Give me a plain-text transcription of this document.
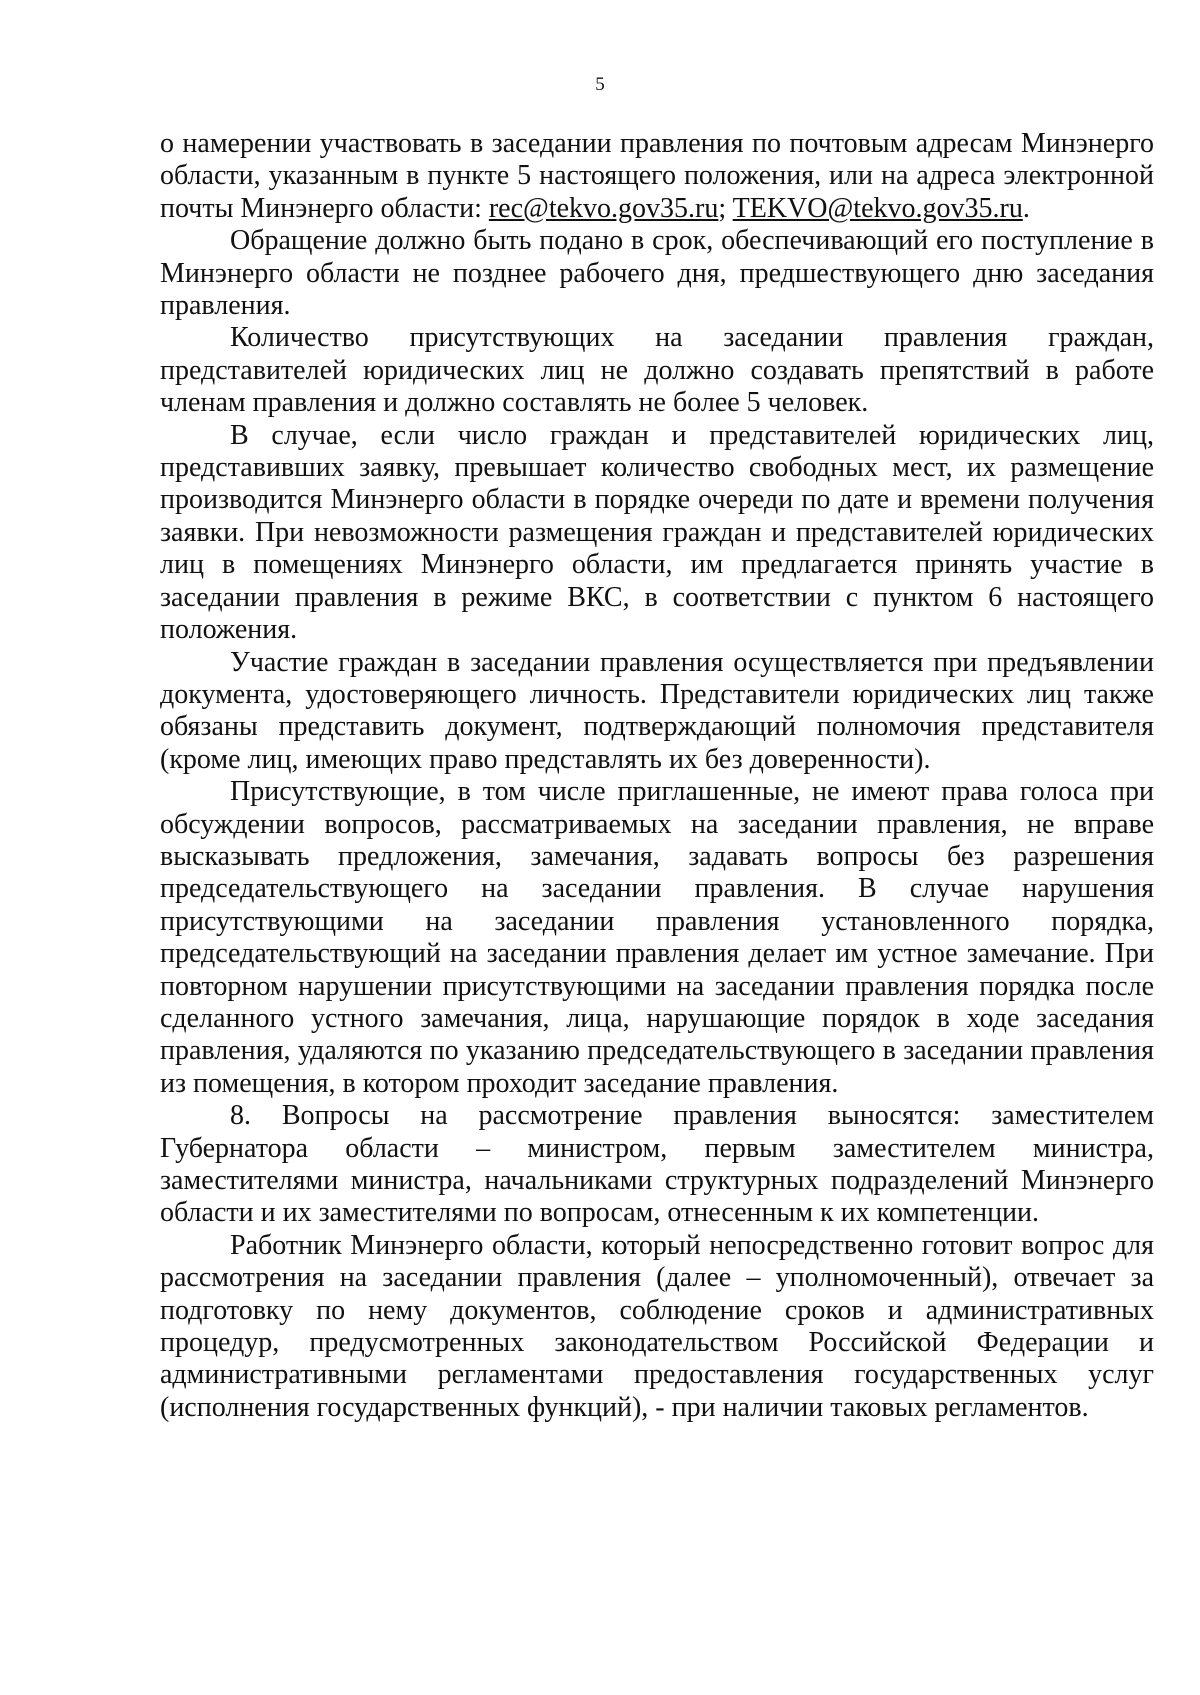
5

о намерении участвовать в заседании правления по почтовым адресам Минэнерго области, указанным в пункте 5 настоящего положения, или на адреса электронной почты Минэнерго области: rec@tekvo.gov35.ru; TEKVO@tekvo.gov35.ru.

Обращение должно быть подано в срок, обеспечивающий его поступление в Минэнерго области не позднее рабочего дня, предшествующего дню заседания правления.

Количество присутствующих на заседании правления граждан, представителей юридических лиц не должно создавать препятствий в работе членам правления и должно составлять не более 5 человек.

В случае, если число граждан и представителей юридических лиц, представивших заявку, превышает количество свободных мест, их размещение производится Минэнерго области в порядке очереди по дате и времени получения заявки. При невозможности размещения граждан и представителей юридических лиц в помещениях Минэнерго области, им предлагается принять участие в заседании правления в режиме ВКС, в соответствии с пунктом 6 настоящего положения.

Участие граждан в заседании правления осуществляется при предъявлении документа, удостоверяющего личность. Представители юридических лиц также обязаны представить документ, подтверждающий полномочия представителя (кроме лиц, имеющих право представлять их без доверенности).

Присутствующие, в том числе приглашенные, не имеют права голоса при обсуждении вопросов, рассматриваемых на заседании правления, не вправе высказывать предложения, замечания, задавать вопросы без разрешения председательствующего на заседании правления. В случае нарушения присутствующими на заседании правления установленного порядка, председательствующий на заседании правления делает им устное замечание. При повторном нарушении присутствующими на заседании правления порядка после сделанного устного замечания, лица, нарушающие порядок в ходе заседания правления, удаляются по указанию председательствующего в заседании правления из помещения, в котором проходит заседание правления.

8. Вопросы на рассмотрение правления выносятся: заместителем Губернатора области – министром, первым заместителем министра, заместителями министра, начальниками структурных подразделений Минэнерго области и их заместителями по вопросам, отнесенным к их компетенции.

Работник Минэнерго области, который непосредственно готовит вопрос для рассмотрения на заседании правления (далее – уполномоченный), отвечает за подготовку по нему документов, соблюдение сроков и административных процедур, предусмотренных законодательством Российской Федерации и административными регламентами предоставления государственных услуг (исполнения государственных функций), - при наличии таковых регламентов.
